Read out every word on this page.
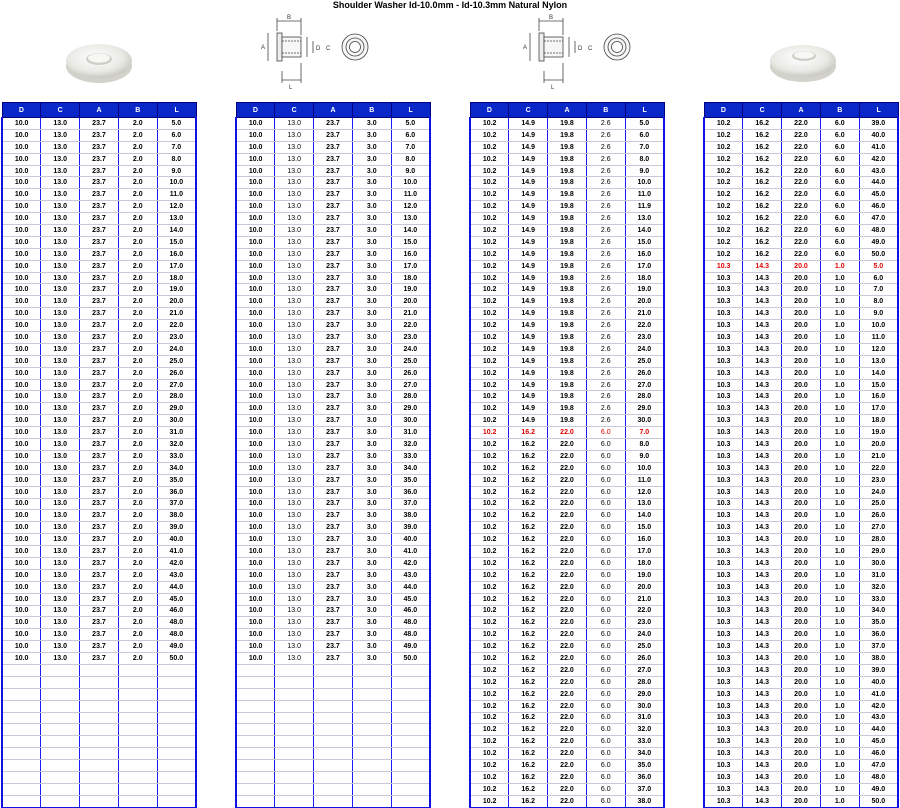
Shoulder Washer Id-10.0mm - Id-10.3mm Natural Nylon
B
A	D C
L
B
A	D C
L
D	C	A	B	L
10.0	13.0	23.7	2.0	5.0
10.0	13.0	23.7	2.0	6.0
10.0	13.0	23.7	2.0	7.0
10.0	13.0	23.7	2.0	8.0
10.0	13.0	23.7	2.0	9.0
10.0	13.0	23.7	2.0	10.0
10.0	13.0	23.7	2.0	11.0
10.0	13.0	23.7	2.0	12.0
10.0	13.0	23.7	2.0	13.0
10.0	13.0	23.7	2.0	14.0
10.0	13.0	23.7	2.0	15.0
10.0	13.0	23.7	2.0	16.0
10.0	13.0	23.7	2.0	17.0
10.0	13.0	23.7	2.0	18.0
10.0	13.0	23.7	2.0	19.0
10.0	13.0	23.7	2.0	20.0
10.0	13.0	23.7	2.0	21.0
10.0	13.0	23.7	2.0	22.0
10.0	13.0	23.7	2.0	23.0
10.0	13.0	23.7	2.0	24.0
10.0	13.0	23.7	2.0	25.0
10.0	13.0	23.7	2.0	26.0
10.0	13.0	23.7	2.0	27.0
10.0	13.0	23.7	2.0	28.0
10.0	13.0	23.7	2.0	29.0
10.0	13.0	23.7	2.0	30.0
10.0	13.0	23.7	2.0	31.0
10.0	13.0	23.7	2.0	32.0
10.0	13.0	23.7	2.0	33.0
10.0	13.0	23.7	2.0	34.0
10.0	13.0	23.7	2.0	35.0
10.0	13.0	23.7	2.0	36.0
10.0	13.0	23.7	2.0	37.0
10.0	13.0	23.7	2.0	38.0
10.0	13.0	23.7	2.0	39.0
10.0	13.0	23.7	2.0	40.0
10.0	13.0	23.7	2.0	41.0
10.0	13.0	23.7	2.0	42.0
10.0	13.0	23.7	2.0	43.0
10.0	13.0	23.7	2.0	44.0
10.0	13.0	23.7	2.0	45.0
10.0	13.0	23.7	2.0	46.0
10.0	13.0	23.7	2.0	48.0
10.0	13.0	23.7	2.0	48.0
10.0	13.0	23.7	2.0	49.0
10.0	13.0	23.7	2.0	50.0

D	C	A	B	L
10.0	13.0	23.7	3.0	5.0
10.0	13.0	23.7	3.0	6.0
10.0	13.0	23.7	3.0	7.0
10.0	13.0	23.7	3.0	8.0
10.0	13.0	23.7	3.0	9.0
10.0	13.0	23.7	3.0	10.0
10.0	13.0	23.7	3.0	11.0
10.0	13.0	23.7	3.0	12.0
10.0	13.0	23.7	3.0	13.0
10.0	13.0	23.7	3.0	14.0
10.0	13.0	23.7	3.0	15.0
10.0	13.0	23.7	3.0	16.0
10.0	13.0	23.7	3.0	17.0
10.0	13.0	23.7	3.0	18.0
10.0	13.0	23.7	3.0	19.0
10.0	13.0	23.7	3.0	20.0
10.0	13.0	23.7	3.0	21.0
10.0	13.0	23.7	3.0	22.0
10.0	13.0	23.7	3.0	23.0
10.0	13.0	23.7	3.0	24.0
10.0	13.0	23.7	3.0	25.0
10.0	13.0	23.7	3.0	26.0
10.0	13.0	23.7	3.0	27.0
10.0	13.0	23.7	3.0	28.0
10.0	13.0	23.7	3.0	29.0
10.0	13.0	23.7	3.0	30.0
10.0	13.0	23.7	3.0	31.0
10.0	13.0	23.7	3.0	32.0
10.0	13.0	23.7	3.0	33.0
10.0	13.0	23.7	3.0	34.0
10.0	13.0	23.7	3.0	35.0
10.0	13.0	23.7	3.0	36.0
10.0	13.0	23.7	3.0	37.0
10.0	13.0	23.7	3.0	38.0
10.0	13.0	23.7	3.0	39.0
10.0	13.0	23.7	3.0	40.0
10.0	13.0	23.7	3.0	41.0
10.0	13.0	23.7	3.0	42.0
10.0	13.0	23.7	3.0	43.0
10.0	13.0	23.7	3.0	44.0
10.0	13.0	23.7	3.0	45.0
10.0	13.0	23.7	3.0	46.0
10.0	13.0	23.7	3.0	48.0
10.0	13.0	23.7	3.0	48.0
10.0	13.0	23.7	3.0	49.0
10.0	13.0	23.7	3.0	50.0

D	C	A	B	L
10.2	14.9	19.8	2.6	5.0
10.2	14.9	19.8	2.6	6.0
10.2	14.9	19.8	2.6	7.0
10.2	14.9	19.8	2.6	8.0
10.2	14.9	19.8	2.6	9.0
10.2	14.9	19.8	2.6	10.0
10.2	14.9	19.8	2.6	11.0
10.2	14.9	19.8	2.6	11.9
10.2	14.9	19.8	2.6	13.0
10.2	14.9	19.8	2.6	14.0
10.2	14.9	19.8	2.6	15.0
10.2	14.9	19.8	2.6	16.0
10.2	14.9	19.8	2.6	17.0
10.2	14.9	19.8	2.6	18.0
10.2	14.9	19.8	2.6	19.0
10.2	14.9	19.8	2.6	20.0
10.2	14.9	19.8	2.6	21.0
10.2	14.9	19.8	2.6	22.0
10.2	14.9	19.8	2.6	23.0
10.2	14.9	19.8	2.6	24.0
10.2	14.9	19.8	2.6	25.0
10.2	14.9	19.8	2.6	26.0
10.2	14.9	19.8	2.6	27.0
10.2	14.9	19.8	2.6	28.0
10.2	14.9	19.8	2.6	29.0
10.2	14.9	19.8	2.6	30.0
10.2	16.2	22.0	6.0	7.0
10.2	16.2	22.0	6.0	8.0
10.2	16.2	22.0	6.0	9.0
10.2	16.2	22.0	6.0	10.0
10.2	16.2	22.0	6.0	11.0
10.2	16.2	22.0	6.0	12.0
10.2	16.2	22.0	6.0	13.0
10.2	16.2	22.0	6.0	14.0
10.2	16.2	22.0	6.0	15.0
10.2	16.2	22.0	6.0	16.0
10.2	16.2	22.0	6.0	17.0
10.2	16.2	22.0	6.0	18.0
10.2	16.2	22.0	6.0	19.0
10.2	16.2	22.0	6.0	20.0
10.2	16.2	22.0	6.0	21.0
10.2	16.2	22.0	6.0	22.0
10.2	16.2	22.0	6.0	23.0
10.2	16.2	22.0	6.0	24.0
10.2	16.2	22.0	6.0	25.0
10.2	16.2	22.0	6.0	26.0
10.2	16.2	22.0	6.0	27.0
10.2	16.2	22.0	6.0	28.0
10.2	16.2	22.0	6.0	29.0
10.2	16.2	22.0	6.0	30.0
10.2	16.2	22.0	6.0	31.0
10.2	16.2	22.0	6.0	32.0
10.2	16.2	22.0	6.0	33.0
10.2	16.2	22.0	6.0	34.0
10.2	16.2	22.0	6.0	35.0
10.2	16.2	22.0	6.0	36.0
10.2	16.2	22.0	6.0	37.0
10.2	16.2	22.0	6.0	38.0
D	C	A	B	L
10.2	16.2	22.0	6.0	39.0
10.2	16.2	22.0	6.0	40.0
10.2	16.2	22.0	6.0	41.0
10.2	16.2	22.0	6.0	42.0
10.2	16.2	22.0	6.0	43.0
10.2	16.2	22.0	6.0	44.0
10.2	16.2	22.0	6.0	45.0
10.2	16.2	22.0	6.0	46.0
10.2	16.2	22.0	6.0	47.0
10.2	16.2	22.0	6.0	48.0
10.2	16.2	22.0	6.0	49.0
10.2	16.2	22.0	6.0	50.0
10.3	14.3	20.0	1.0	5.0
10.3	14.3	20.0	1.0	6.0
10.3	14.3	20.0	1.0	7.0
10.3	14.3	20.0	1.0	8.0
10.3	14.3	20.0	1.0	9.0
10.3	14.3	20.0	1.0	10.0
10.3	14.3	20.0	1.0	11.0
10.3	14.3	20.0	1.0	12.0
10.3	14.3	20.0	1.0	13.0
10.3	14.3	20.0	1.0	14.0
10.3	14.3	20.0	1.0	15.0
10.3	14.3	20.0	1.0	16.0
10.3	14.3	20.0	1.0	17.0
10.3	14.3	20.0	1.0	18.0
10.3	14.3	20.0	1.0	19.0
10.3	14.3	20.0	1.0	20.0
10.3	14.3	20.0	1.0	21.0
10.3	14.3	20.0	1.0	22.0
10.3	14.3	20.0	1.0	23.0
10.3	14.3	20.0	1.0	24.0
10.3	14.3	20.0	1.0	25.0
10.3	14.3	20.0	1.0	26.0
10.3	14.3	20.0	1.0	27.0
10.3	14.3	20.0	1.0	28.0
10.3	14.3	20.0	1.0	29.0
10.3	14.3	20.0	1.0	30.0
10.3	14.3	20.0	1.0	31.0
10.3	14.3	20.0	1.0	32.0
10.3	14.3	20.0	1.0	33.0
10.3	14.3	20.0	1.0	34.0
10.3	14.3	20.0	1.0	35.0
10.3	14.3	20.0	1.0	36.0
10.3	14.3	20.0	1.0	37.0
10.3	14.3	20.0	1.0	38.0
10.3	14.3	20.0	1.0	39.0
10.3	14.3	20.0	1.0	40.0
10.3	14.3	20.0	1.0	41.0
10.3	14.3	20.0	1.0	42.0
10.3	14.3	20.0	1.0	43.0
10.3	14.3	20.0	1.0	44.0
10.3	14.3	20.0	1.0	45.0
10.3	14.3	20.0	1.0	46.0
10.3	14.3	20.0	1.0	47.0
10.3	14.3	20.0	1.0	48.0
10.3	14.3	20.0	1.0	49.0
10.3	14.3	20.0	1.0	50.0
